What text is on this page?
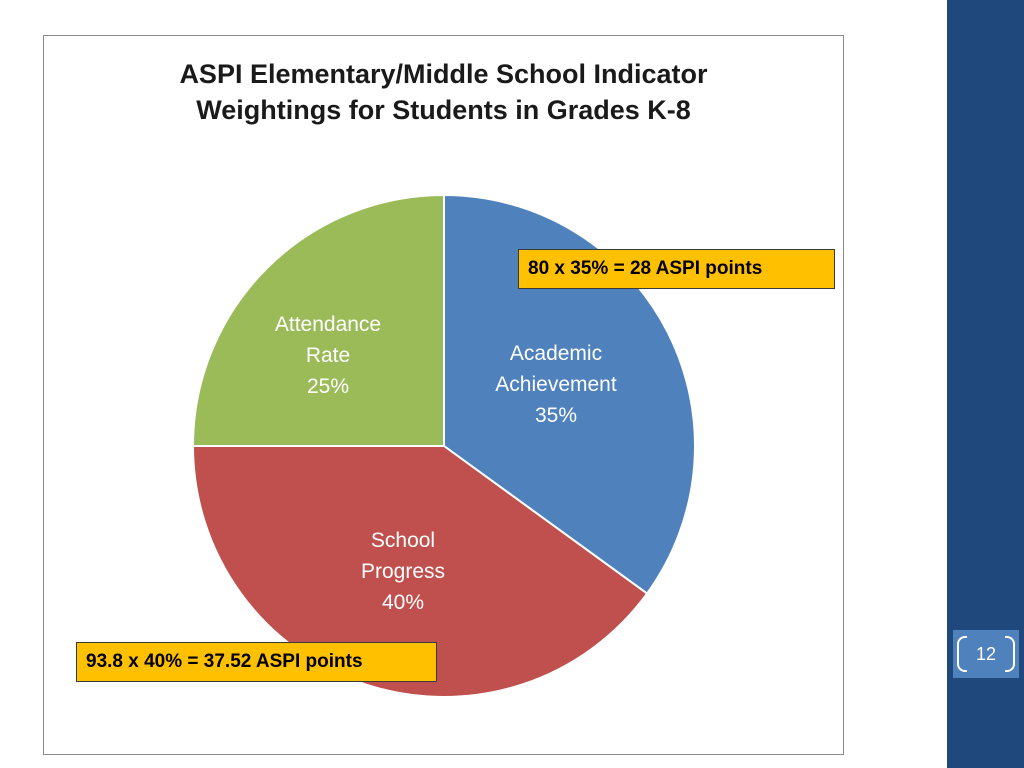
12
ASPI Elementary/Middle School Indicator
Weightings for Students in Grades K-8
Academic
Achievement
35%
School
Progress
40%
Attendance
Rate
25%
80 x 35% = 28 ASPI points
93.8 x 40% = 37.52 ASPI points
